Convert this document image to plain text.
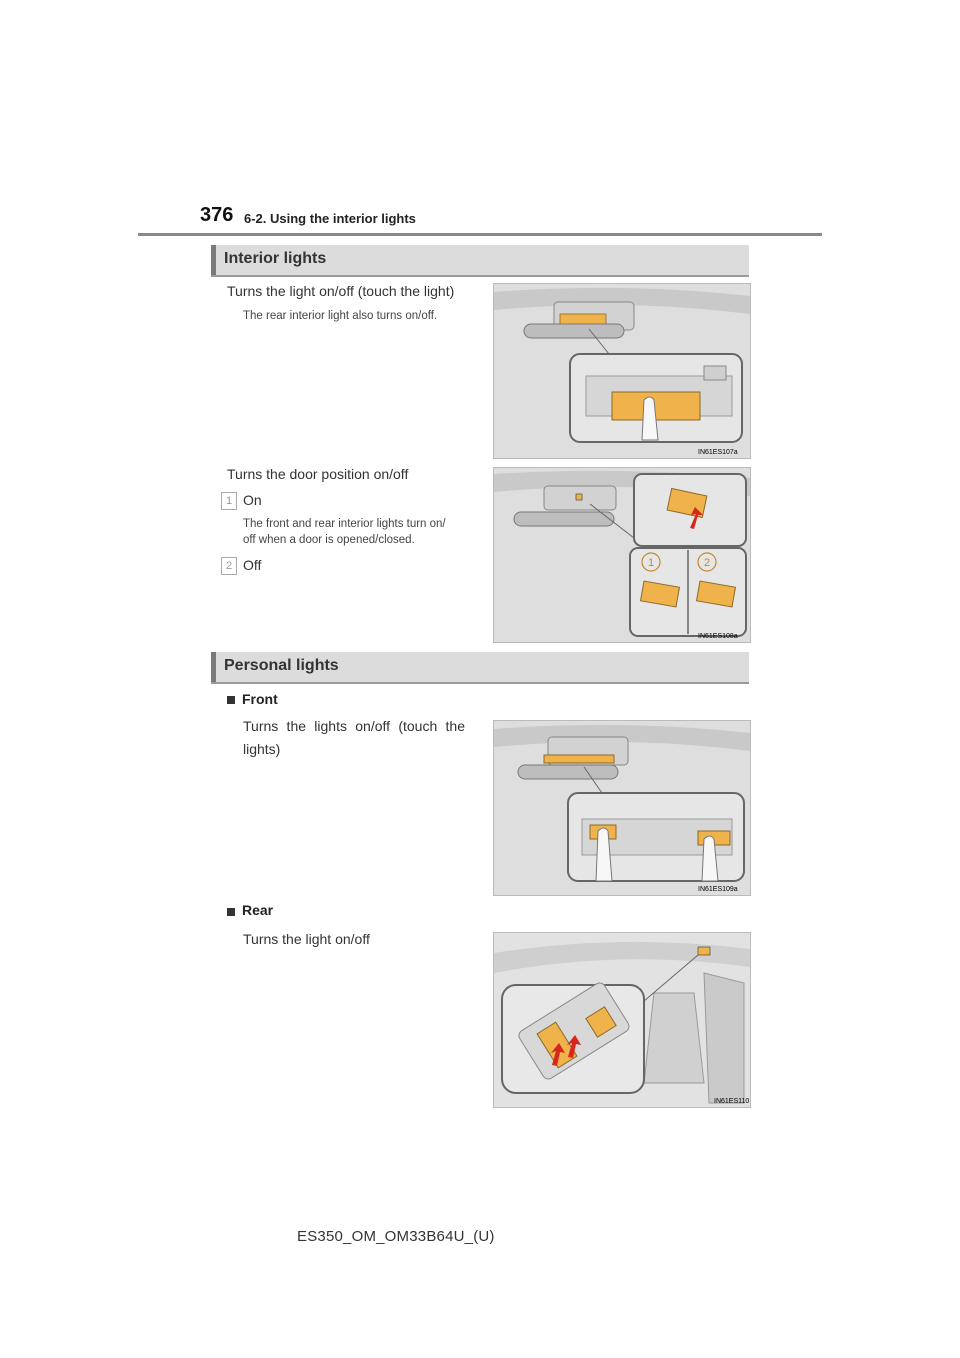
376 6-2. Using the interior lights
Interior lights
Turns the light on/off (touch the light)
The rear interior light also turns on/off.
IN61ES107a
Turns the door position on/off
1 On
The front and rear interior lights turn on/
off when a door is opened/closed.
2 Off	1	2
IN61ES108a
Personal lights
Front
Turns the lights on/off (touch the
lights)
IN61ES109a
Rear
Turns the light on/off
IN61ES110
ES350_OM_OM33B64U_(U)
